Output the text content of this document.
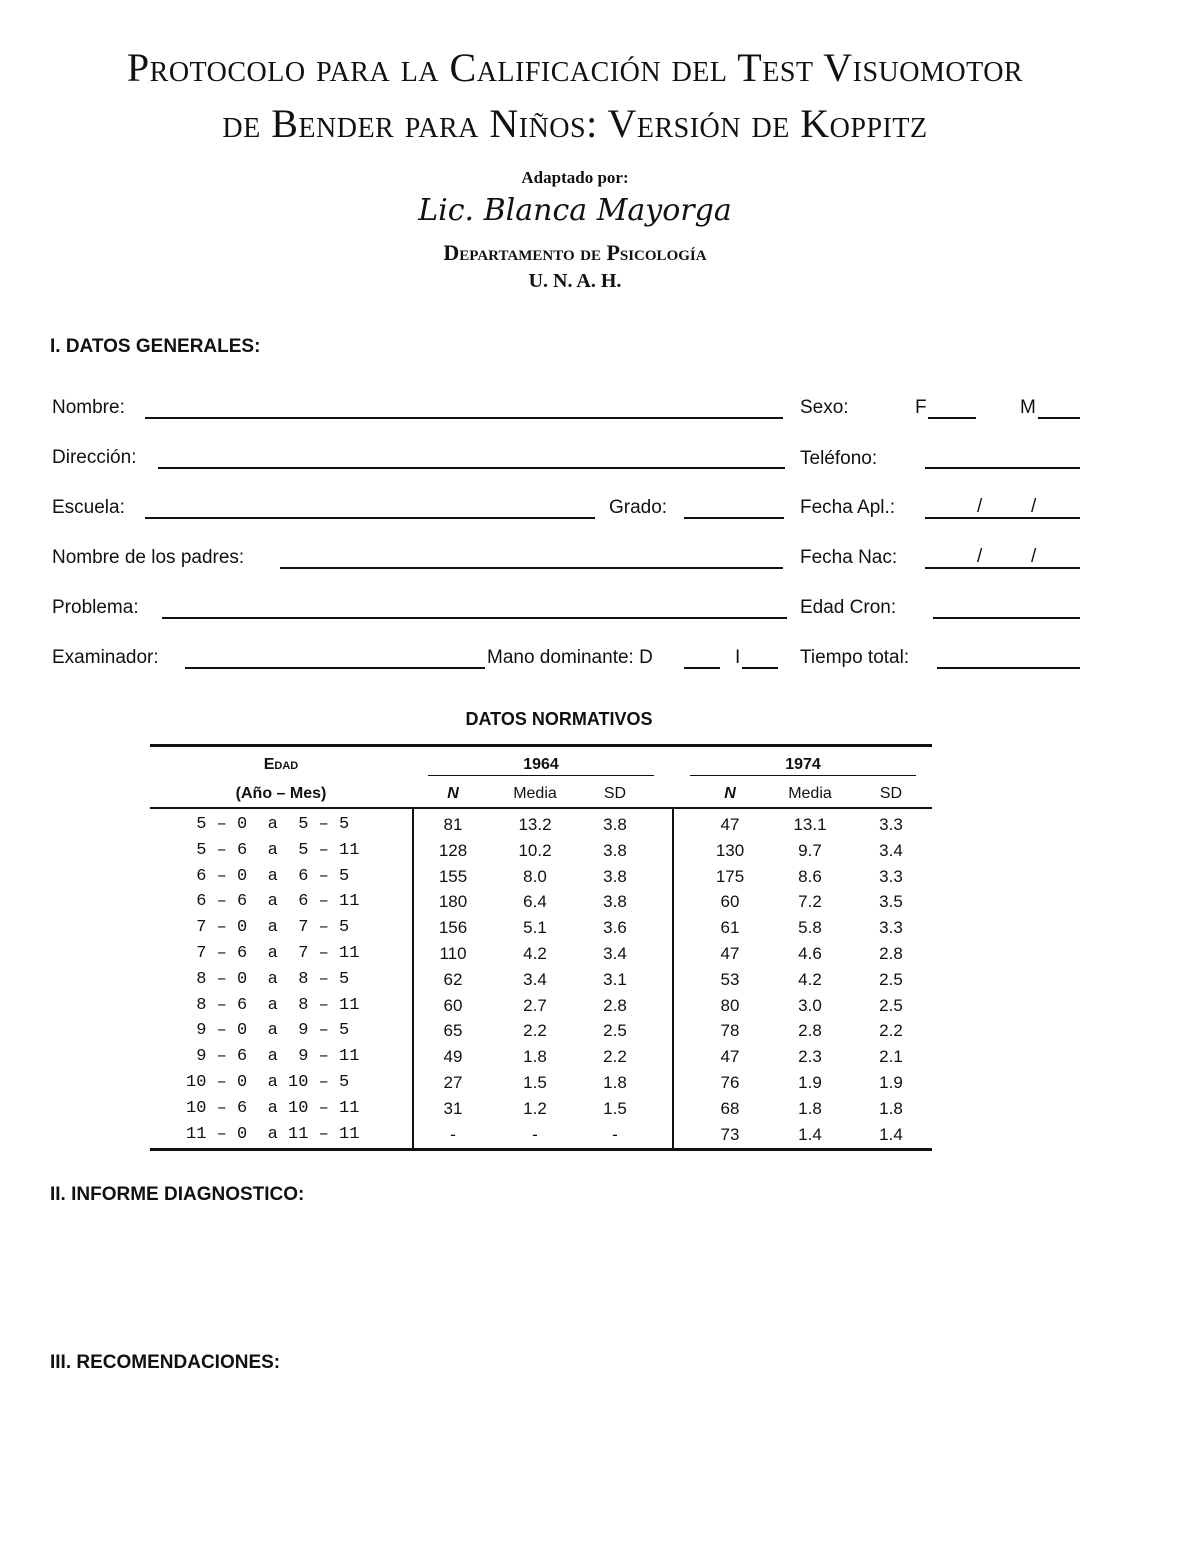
Protocolo para la Calificación del Test Visuomotor
de Bender para Niños: Versión de Koppitz
Adaptado por:
Lic. Blanca Mayorga
Departamento de Psicología
U. N. A. H.
I. DATOS GENERALES:
Nombre:	Sexo:	F	M
Dirección:	Teléfono:
Escuela:	Grado:	Fecha Apl.:	/	/
Nombre de los padres:	Fecha Nac:	/	/
Problema:	Edad Cron:
Examinador:	Mano dominante: D	I	Tiempo total:
DATOS NORMATIVOS
Edad
(Año – Mes)
1964	1974
N	Media	SD	N	Media	SD
5 – 0  a  5 – 5	81	13.2	3.8	47	13.1	3.3
5 – 6  a  5 – 11	128	10.2	3.8	130	9.7	3.4
6 – 0  a  6 – 5	155	8.0	3.8	175	8.6	3.3
6 – 6  a  6 – 11	180	6.4	3.8	60	7.2	3.5
7 – 0  a  7 – 5	156	5.1	3.6	61	5.8	3.3
7 – 6  a  7 – 11	110	4.2	3.4	47	4.6	2.8
8 – 0  a  8 – 5	62	3.4	3.1	53	4.2	2.5
8 – 6  a  8 – 11	60	2.7	2.8	80	3.0	2.5
9 – 0  a  9 – 5	65	2.2	2.5	78	2.8	2.2
9 – 6  a  9 – 11	49	1.8	2.2	47	2.3	2.1
10 – 0  a 10 – 5	27	1.5	1.8	76	1.9	1.9
10 – 6  a 10 – 11	31	1.2	1.5	68	1.8	1.8
11 – 0  a 11 – 11	-	-	-	73	1.4	1.4
II. INFORME DIAGNOSTICO:
III. RECOMENDACIONES:
